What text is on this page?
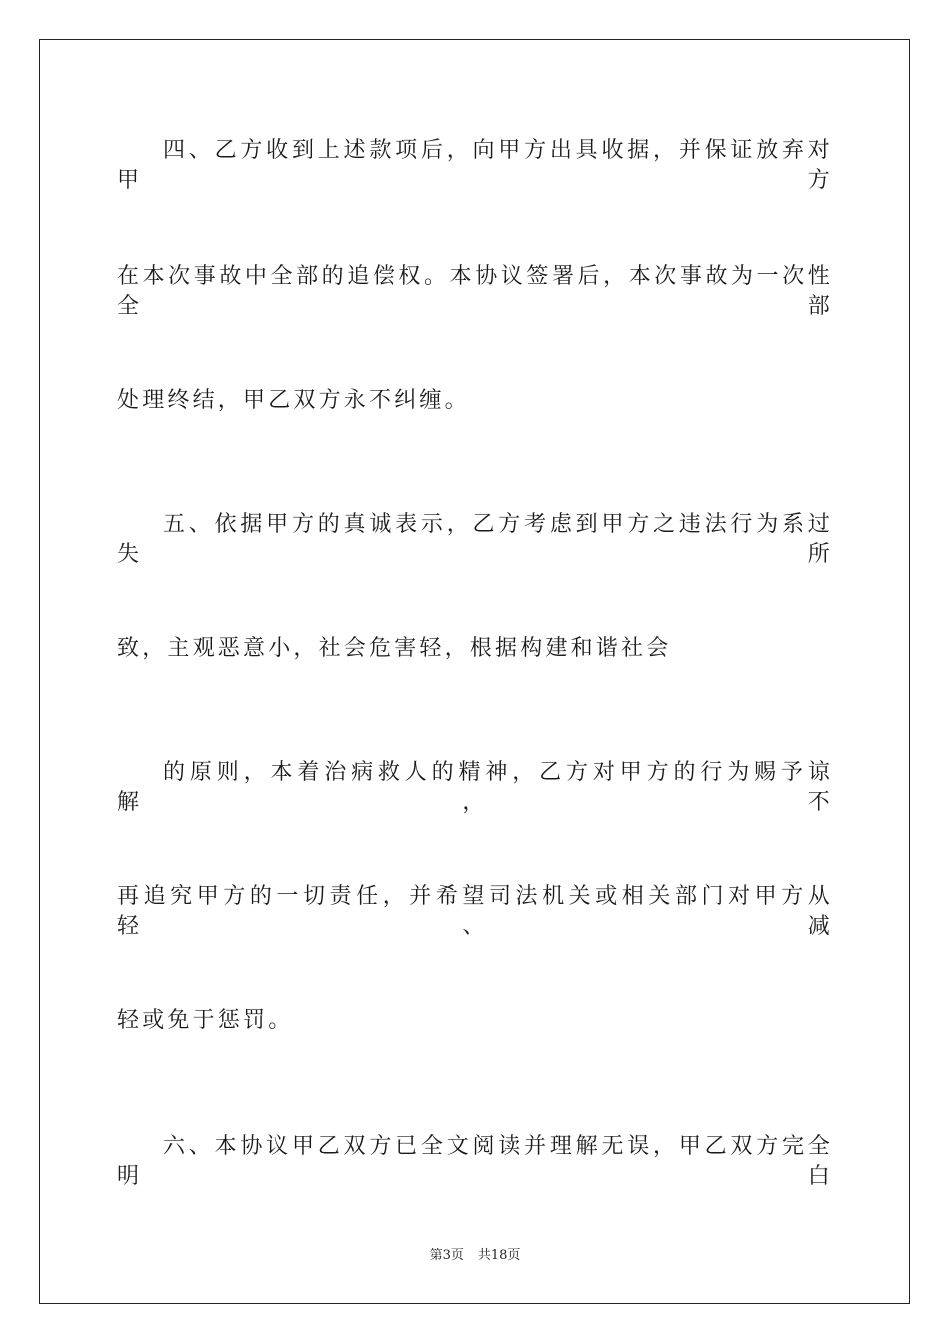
四、乙方收到上述款项后，向甲方出具收据，并保证放弃对甲方

在本次事故中全部的追偿权。本协议签署后，本次事故为一次性全部

处理终结，甲乙双方永不纠缠。

五、依据甲方的真诚表示，乙方考虑到甲方之违法行为系过失所

致，主观恶意小，社会危害轻，根据构建和谐社会

的原则，本着治病救人的精神，乙方对甲方的行为赐予谅解，不

再追究甲方的一切责任，并希望司法机关或相关部门对甲方从轻、减

轻或免于惩罚。

六、本协议甲乙双方已全文阅读并理解无误，甲乙双方完全明白

第3页 共18页
